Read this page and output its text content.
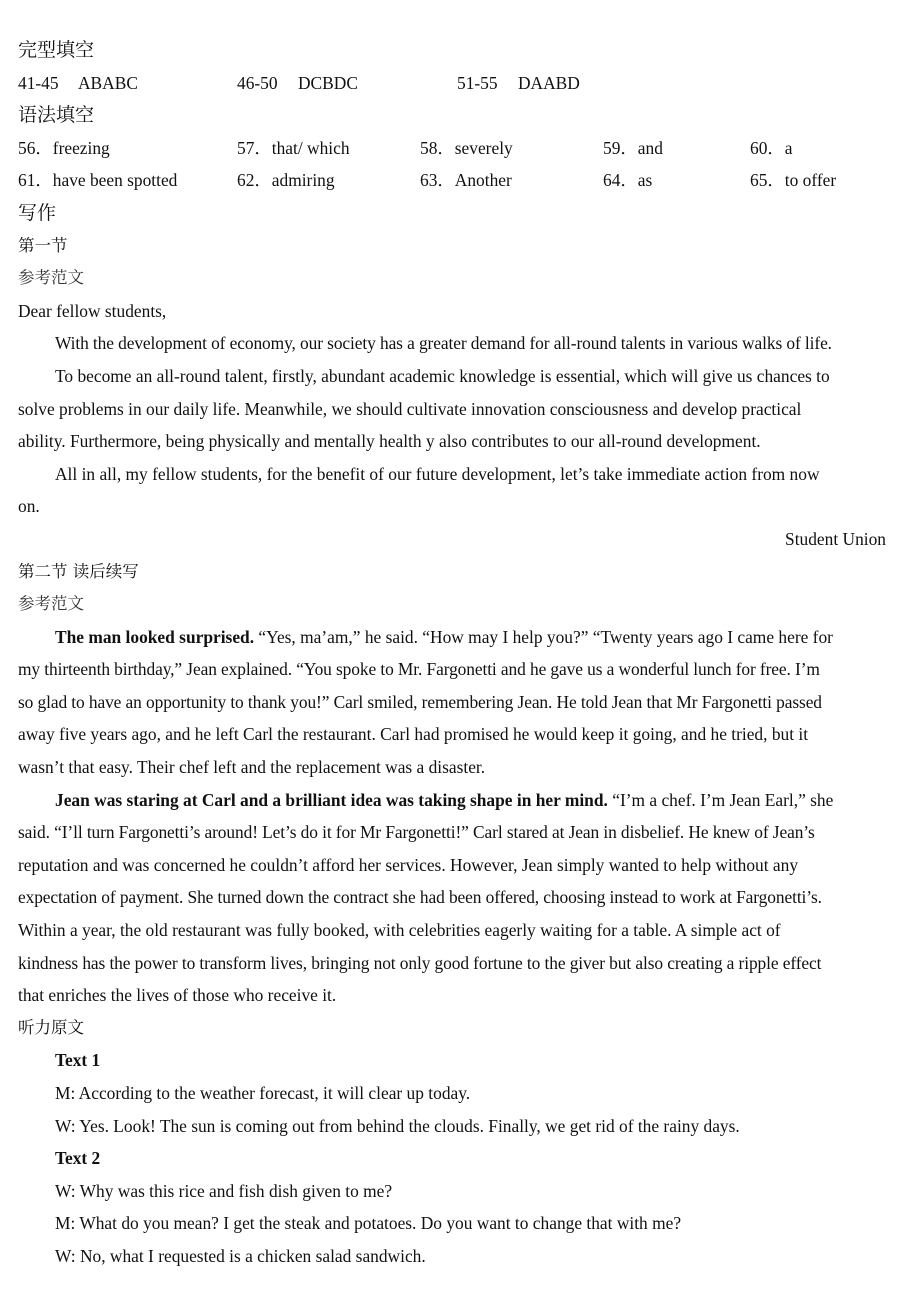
完型填空
41-45 ABABC	46-50 DCBDC	51-55 DAABD
语法填空
56．freezing	57．that/ which	58．severely	59．and	60．a
61．have been spotted	62．admiring	63．Another	64．as	65．to offer
写作
第一节
参考范文
Dear fellow students,
With the development of economy, our society has a greater demand for all-round talents in various walks of life.
To become an all-round talent, firstly, abundant academic knowledge is essential, which will give us chances to
solve problems in our daily life. Meanwhile, we should cultivate innovation consciousness and develop practical
ability. Furthermore, being physically and mentally health y also contributes to our all-round development.
All in all, my fellow students, for the benefit of our future development, let’s take immediate action from now
on.
Student Union
第二节 读后续写
参考范文
The man looked surprised. “Yes, ma’am,” he said. “How may I help you?” “Twenty years ago I came here for
my thirteenth birthday,” Jean explained. “You spoke to Mr. Fargonetti and he gave us a wonderful lunch for free. I’m
so glad to have an opportunity to thank you!” Carl smiled, remembering Jean. He told Jean that Mr Fargonetti passed
away five years ago, and he left Carl the restaurant. Carl had promised he would keep it going, and he tried, but it
wasn’t that easy. Their chef left and the replacement was a disaster.
Jean was staring at Carl and a brilliant idea was taking shape in her mind. “I’m a chef. I’m Jean Earl,” she
said. “I’ll turn Fargonetti’s around! Let’s do it for Mr Fargonetti!” Carl stared at Jean in disbelief. He knew of Jean’s
reputation and was concerned he couldn’t afford her services. However, Jean simply wanted to help without any
expectation of payment. She turned down the contract she had been offered, choosing instead to work at Fargonetti’s.
Within a year, the old restaurant was fully booked, with celebrities eagerly waiting for a table. A simple act of
kindness has the power to transform lives, bringing not only good fortune to the giver but also creating a ripple effect
that enriches the lives of those who receive it.
听力原文
Text 1
M: According to the weather forecast, it will clear up today.
W: Yes. Look! The sun is coming out from behind the clouds. Finally, we get rid of the rainy days.
Text 2
W: Why was this rice and fish dish given to me?
M: What do you mean? I get the steak and potatoes. Do you want to change that with me?
W: No, what I requested is a chicken salad sandwich.
